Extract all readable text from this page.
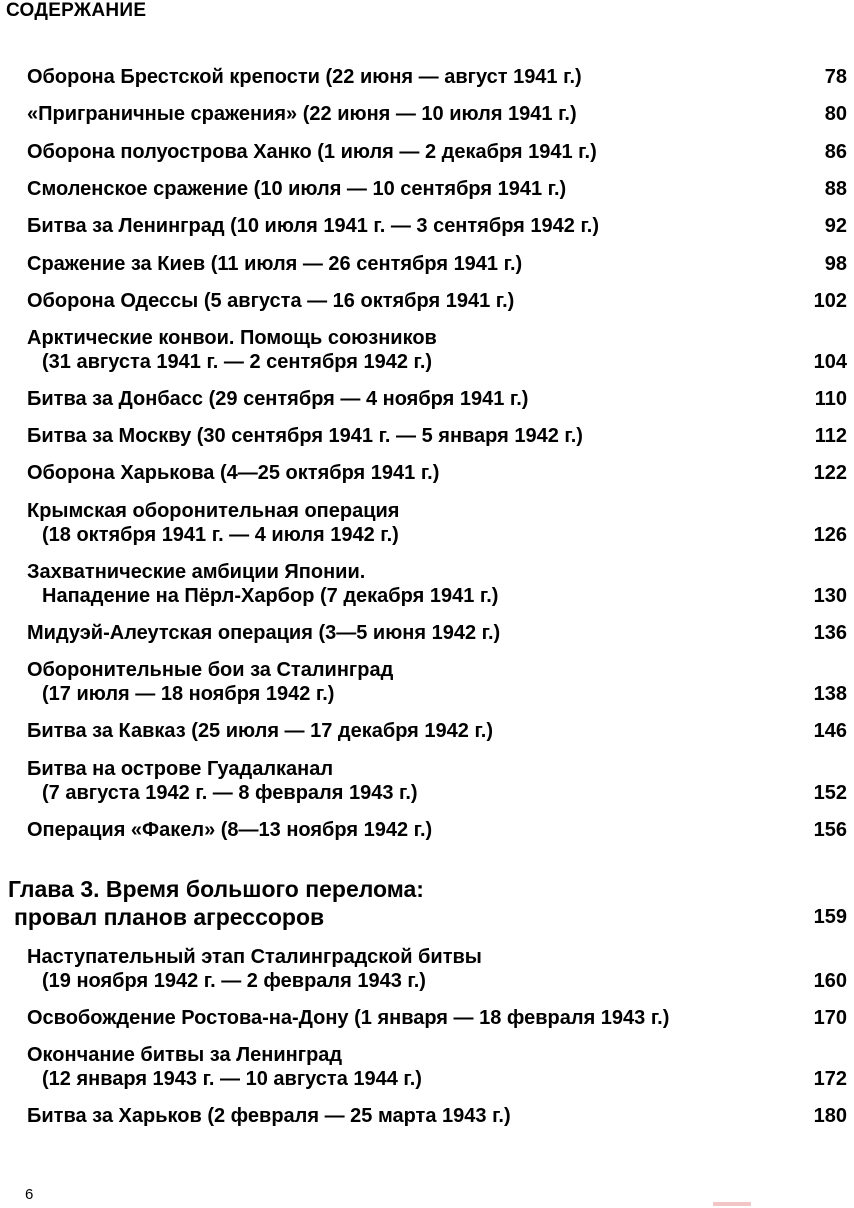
СОДЕРЖАНИЕ
Оборона Брестской крепости (22 июня — август 1941 г.)	78
«Приграничные сражения» (22 июня — 10 июля 1941 г.)	80
Оборона полуострова Ханко (1 июля — 2 декабря 1941 г.)	86
Смоленское сражение (10 июля — 10 сентября 1941 г.)	88
Битва за Ленинград (10 июля 1941 г. — 3 сентября 1942 г.)	92
Сражение за Киев (11 июля — 26 сентября 1941 г.)	98
Оборона Одессы (5 августа — 16 октября 1941 г.)	102
Арктические конвои. Помощь союзников
(31 августа 1941 г. — 2 сентября 1942 г.)	104
Битва за Донбасс (29 сентября — 4 ноября 1941 г.)	110
Битва за Москву (30 сентября 1941 г. — 5 января 1942 г.)	112
Оборона Харькова (4—25 октября 1941 г.)	122
Крымская оборонительная операция
(18 октября 1941 г. — 4 июля 1942 г.)	126
Захватнические амбиции Японии.
Нападение на Пёрл-Харбор (7 декабря 1941 г.)	130
Мидуэй-Алеутская операция (3—5 июня 1942 г.)	136
Оборонительные бои за Сталинград
(17 июля — 18 ноября 1942 г.)	138
Битва за Кавказ (25 июля — 17 декабря 1942 г.)	146
Битва на острове Гуадалканал
(7 августа 1942 г. — 8 февраля 1943 г.)	152
Операция «Факел» (8—13 ноября 1942 г.)	156
Глава 3. Время большого перелома:
провал планов агрессоров	159
Наступательный этап Сталинградской битвы
(19 ноября 1942 г. — 2 февраля 1943 г.)	160
Освобождение Ростова-на-Дону (1 января — 18 февраля 1943 г.)	170
Окончание битвы за Ленинград
(12 января 1943 г. — 10 августа 1944 г.)	172
Битва за Харьков (2 февраля — 25 марта 1943 г.)	180
6
